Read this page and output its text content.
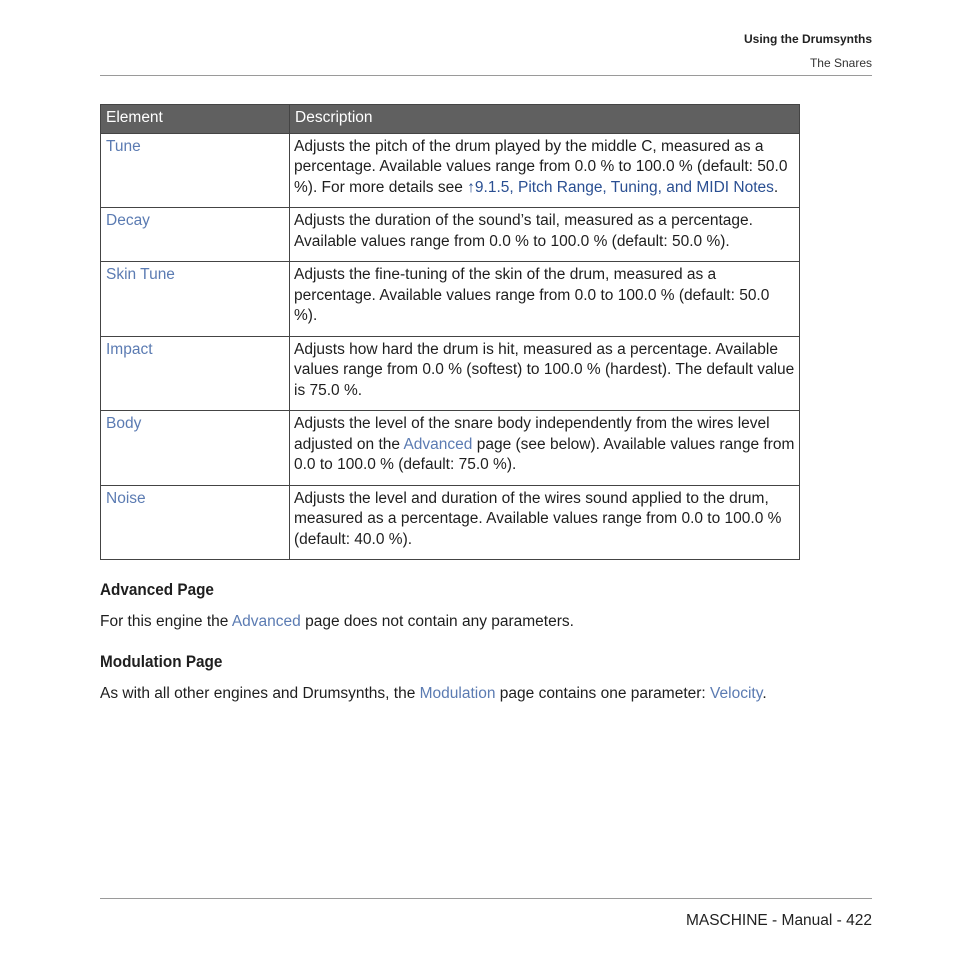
Using the Drumsynths
The Snares
Element	Description
Tune	Adjusts the pitch of the drum played by the middle C, measured as a percentage. Available values range from 0.0 % to 100.0 % (default: 50.0 %). For more details see ↑9.1.5, Pitch Range, Tuning, and MIDI Notes.
Decay	Adjusts the duration of the sound’s tail, measured as a percentage. Available values range from 0.0 % to 100.0 % (default: 50.0 %).
Skin Tune	Adjusts the fine-tuning of the skin of the drum, measured as a percentage. Available values range from 0.0 to 100.0 % (default: 50.0 %).
Impact	Adjusts how hard the drum is hit, measured as a percentage. Available values range from 0.0 % (softest) to 100.0 % (hardest). The default value is 75.0 %.
Body	Adjusts the level of the snare body independently from the wires level adjusted on the Advanced page (see below). Available values range from 0.0 to 100.0 % (default: 75.0 %).
Noise	Adjusts the level and duration of the wires sound applied to the drum, measured as a percentage. Available values range from 0.0 to 100.0 % (default: 40.0 %).
Advanced Page

For this engine the Advanced page does not contain any parameters.

Modulation Page

As with all other engines and Drumsynths, the Modulation page contains one parameter: Velocity.

MASCHINE - Manual - 422
